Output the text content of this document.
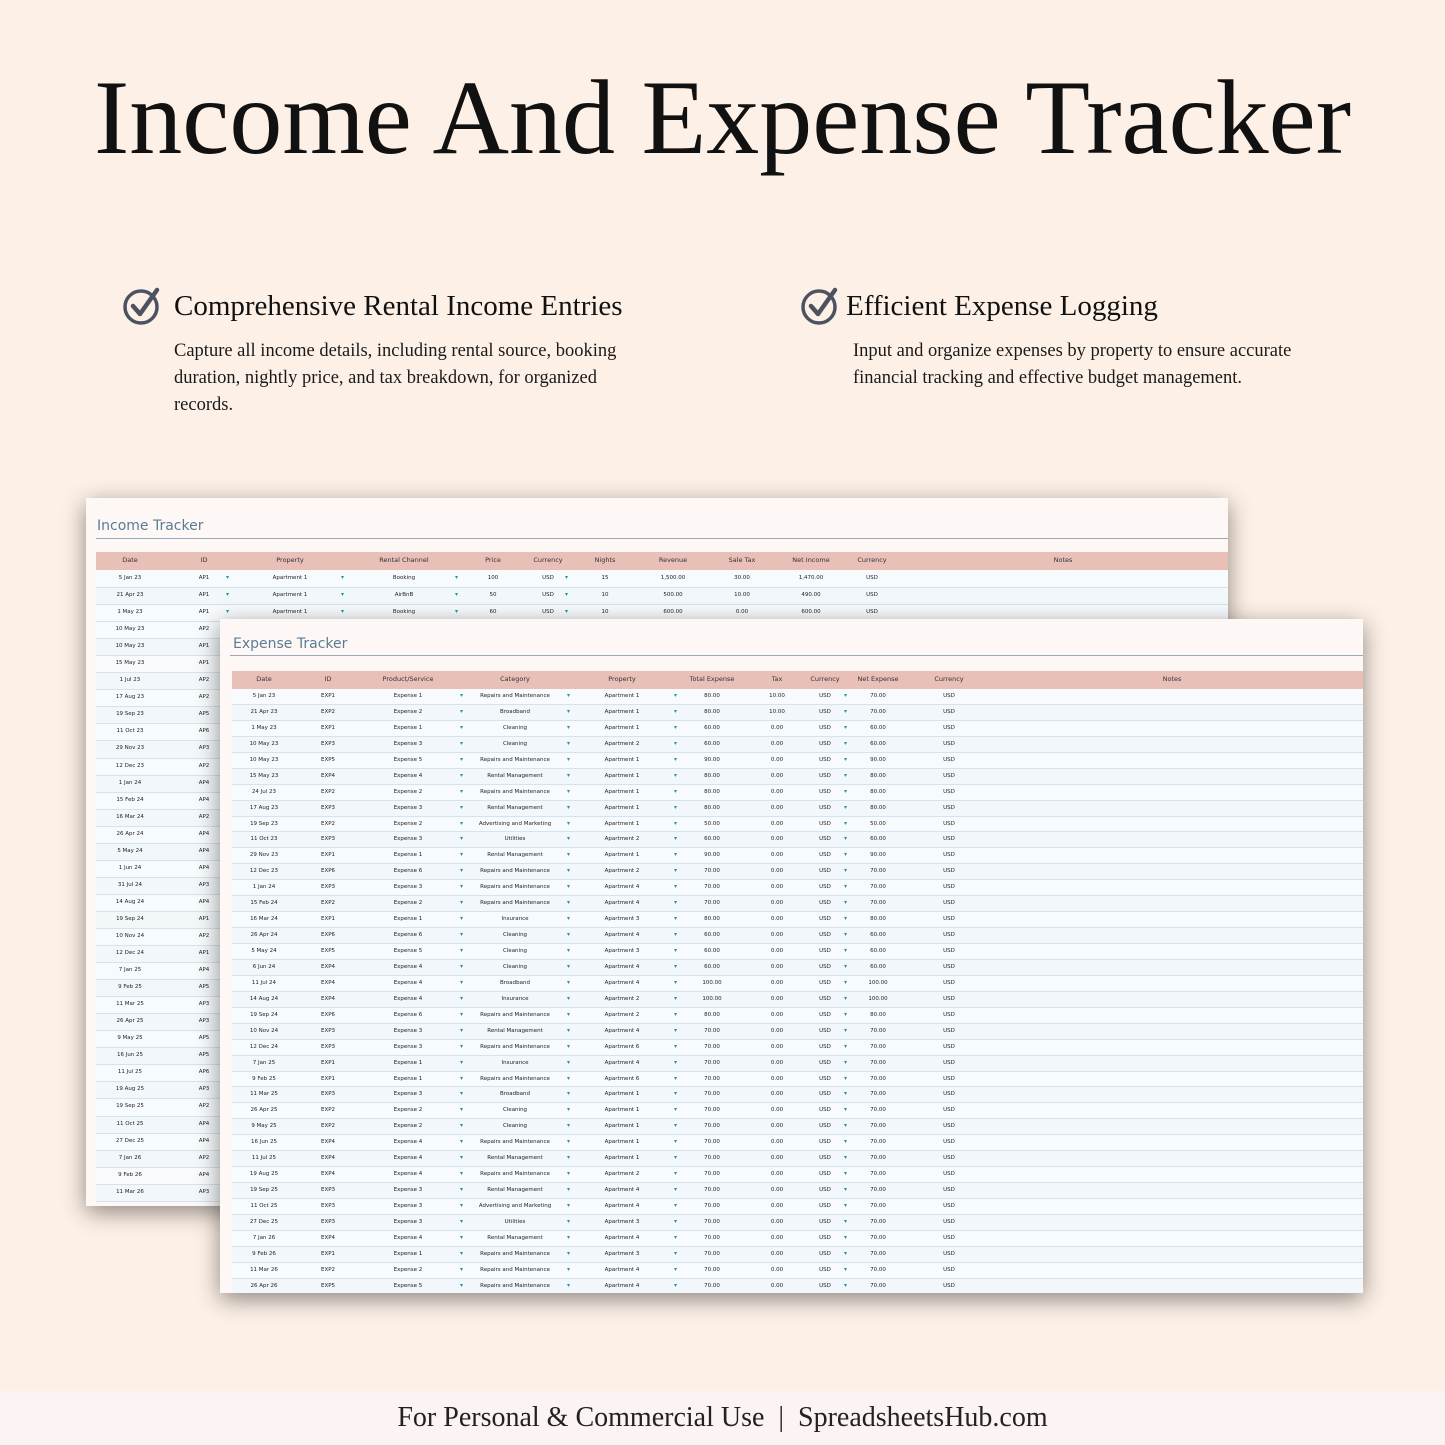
Income And Expense Tracker
Comprehensive Rental Income Entries
Capture all income details, including rental source, booking duration, nightly price, and tax breakdown, for organized records.
Efficient Expense Logging
Input and organize expenses by property to ensure accurate financial tracking and effective budget management.
Income Tracker
Date	ID	Property	Rental Channel	Price	Currency	Nights	Revenue	Sale Tax	Net Income	Currency	Notes
5 Jan 23	AP1	Apartment 1	Booking	100	USD	15	1,500.00	30.00	1,470.00	USD
▾	▾	▾	▾
21 Apr 23	AP1	Apartment 1	AirBnB	50	USD	10	500.00	10.00	490.00	USD
▾	▾	▾	▾
1 May 23	AP1	Apartment 1	Booking	60	USD	10	600.00	0.00	600.00	USD
▾	▾	▾	▾
10 May 23	AP2
10 May 23	AP1
15 May 23	AP1
1 Jul 23	AP2
17 Aug 23	AP2
19 Sep 23	AP5
11 Oct 23	AP6
29 Nov 23	AP3
12 Dec 23	AP2
1 Jan 24	AP4
15 Feb 24	AP4
16 Mar 24	AP2
26 Apr 24	AP4
5 May 24	AP4
1 Jun 24	AP4
31 Jul 24	AP3
14 Aug 24	AP4
19 Sep 24	AP1
10 Nov 24	AP2
12 Dec 24	AP1
7 Jan 25	AP4
9 Feb 25	AP5
11 Mar 25	AP3
26 Apr 25	AP3
9 May 25	AP5
16 Jun 25	AP5
11 Jul 25	AP6
19 Aug 25	AP3
19 Sep 25	AP2
11 Oct 25	AP4
27 Dec 25	AP4
7 Jan 26	AP2
9 Feb 26	AP4
11 Mar 26	AP3
Expense Tracker
Date	ID	Product/Service	Category	Property	Total Expense	Tax	Currency	Net Expense	Currency	Notes
5 Jan 23	EXP1	Expense 1	Repairs and Maintenance	Apartment 1	80.00	10.00	USD	70.00	USD
▾	▾	▾	▾
21 Apr 23	EXP2	Expense 2	Broadband	Apartment 1	80.00	10.00	USD	70.00	USD
▾	▾	▾	▾
1 May 23	EXP1	Expense 1	Cleaning	Apartment 1	60.00	0.00	USD	60.00	USD
▾	▾	▾	▾
10 May 23	EXP3	Expense 3	Cleaning	Apartment 2	60.00	0.00	USD	60.00	USD
▾	▾	▾	▾
10 May 23	EXP5	Expense 5	Repairs and Maintenance	Apartment 1	90.00	0.00	USD	90.00	USD
▾	▾	▾	▾
15 May 23	EXP4	Expense 4	Rental Management	Apartment 1	80.00	0.00	USD	80.00	USD
▾	▾	▾	▾
24 Jul 23	EXP2	Expense 2	Repairs and Maintenance	Apartment 1	80.00	0.00	USD	80.00	USD
▾	▾	▾	▾
17 Aug 23	EXP3	Expense 3	Rental Management	Apartment 1	80.00	0.00	USD	80.00	USD
▾	▾	▾	▾
19 Sep 23	EXP2	Expense 2	Advertising and Marketing	Apartment 1	50.00	0.00	USD	50.00	USD
▾	▾	▾	▾
11 Oct 23	EXP3	Expense 3	Utilities	Apartment 2	60.00	0.00	USD	60.00	USD
▾	▾	▾	▾
29 Nov 23	EXP1	Expense 1	Rental Management	Apartment 1	90.00	0.00	USD	90.00	USD
▾	▾	▾	▾
12 Dec 23	EXP6	Expense 6	Repairs and Maintenance	Apartment 2	70.00	0.00	USD	70.00	USD
▾	▾	▾	▾
1 Jan 24	EXP3	Expense 3	Repairs and Maintenance	Apartment 4	70.00	0.00	USD	70.00	USD
▾	▾	▾	▾
15 Feb 24	EXP2	Expense 2	Repairs and Maintenance	Apartment 4	70.00	0.00	USD	70.00	USD
▾	▾	▾	▾
16 Mar 24	EXP1	Expense 1	Insurance	Apartment 3	80.00	0.00	USD	80.00	USD
▾	▾	▾	▾
26 Apr 24	EXP6	Expense 6	Cleaning	Apartment 4	60.00	0.00	USD	60.00	USD
▾	▾	▾	▾
5 May 24	EXP5	Expense 5	Cleaning	Apartment 3	60.00	0.00	USD	60.00	USD
▾	▾	▾	▾
6 Jun 24	EXP4	Expense 4	Cleaning	Apartment 4	60.00	0.00	USD	60.00	USD
▾	▾	▾	▾
11 Jul 24	EXP4	Expense 4	Broadband	Apartment 4	100.00	0.00	USD	100.00	USD
▾	▾	▾	▾
14 Aug 24	EXP4	Expense 4	Insurance	Apartment 2	100.00	0.00	USD	100.00	USD
▾	▾	▾	▾
19 Sep 24	EXP6	Expense 6	Repairs and Maintenance	Apartment 2	80.00	0.00	USD	80.00	USD
▾	▾	▾	▾
10 Nov 24	EXP3	Expense 3	Rental Management	Apartment 4	70.00	0.00	USD	70.00	USD
▾	▾	▾	▾
12 Dec 24	EXP3	Expense 3	Repairs and Maintenance	Apartment 6	70.00	0.00	USD	70.00	USD
▾	▾	▾	▾
7 Jan 25	EXP1	Expense 1	Insurance	Apartment 4	70.00	0.00	USD	70.00	USD
▾	▾	▾	▾
9 Feb 25	EXP1	Expense 1	Repairs and Maintenance	Apartment 6	70.00	0.00	USD	70.00	USD
▾	▾	▾	▾
11 Mar 25	EXP3	Expense 3	Broadband	Apartment 1	70.00	0.00	USD	70.00	USD
▾	▾	▾	▾
26 Apr 25	EXP2	Expense 2	Cleaning	Apartment 1	70.00	0.00	USD	70.00	USD
▾	▾	▾	▾
9 May 25	EXP2	Expense 2	Cleaning	Apartment 1	70.00	0.00	USD	70.00	USD
▾	▾	▾	▾
16 Jun 25	EXP4	Expense 4	Repairs and Maintenance	Apartment 1	70.00	0.00	USD	70.00	USD
▾	▾	▾	▾
11 Jul 25	EXP4	Expense 4	Rental Management	Apartment 1	70.00	0.00	USD	70.00	USD
▾	▾	▾	▾
19 Aug 25	EXP4	Expense 4	Repairs and Maintenance	Apartment 2	70.00	0.00	USD	70.00	USD
▾	▾	▾	▾
19 Sep 25	EXP3	Expense 3	Rental Management	Apartment 4	70.00	0.00	USD	70.00	USD
▾	▾	▾	▾
11 Oct 25	EXP3	Expense 3	Advertising and Marketing	Apartment 4	70.00	0.00	USD	70.00	USD
▾	▾	▾	▾
27 Dec 25	EXP3	Expense 3	Utilities	Apartment 3	70.00	0.00	USD	70.00	USD
▾	▾	▾	▾
7 Jan 26	EXP4	Expense 4	Rental Management	Apartment 4	70.00	0.00	USD	70.00	USD
▾	▾	▾	▾
9 Feb 26	EXP1	Expense 1	Repairs and Maintenance	Apartment 3	70.00	0.00	USD	70.00	USD
▾	▾	▾	▾
11 Mar 26	EXP2	Expense 2	Repairs and Maintenance	Apartment 4	70.00	0.00	USD	70.00	USD
▾	▾	▾	▾
26 Apr 26	EXP5	Expense 5	Repairs and Maintenance	Apartment 4	70.00	0.00	USD	70.00	USD
▾	▾	▾	▾
For Personal & Commercial Use  |  SpreadsheetsHub.com
